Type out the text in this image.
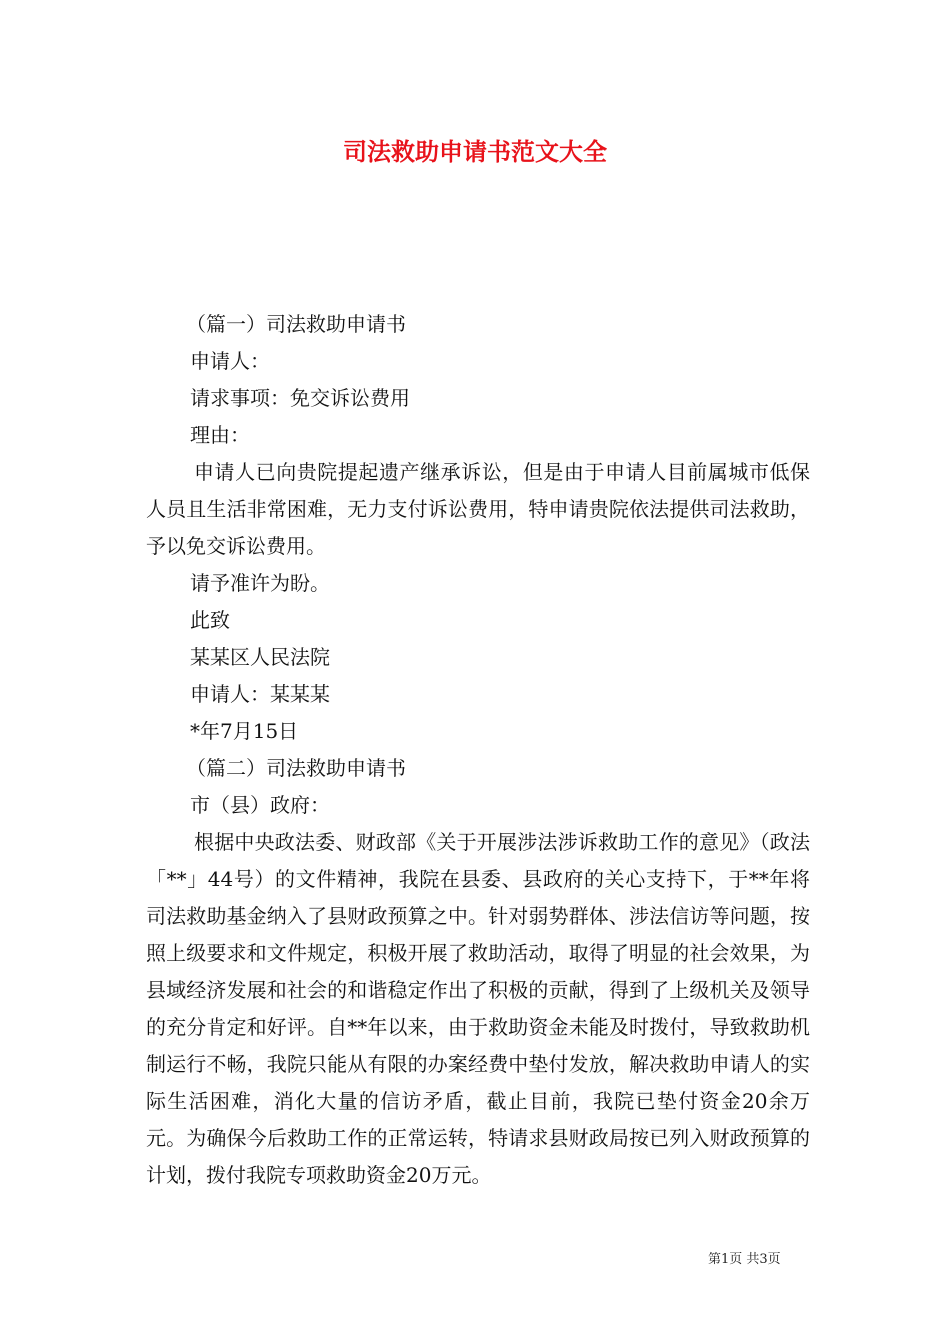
司法救助申请书范文大全
（篇一）司法救助申请书
申请人：
请求事项：免交诉讼费用
理由：
申请人已向贵院提起遗产继承诉讼，但是由于申请人目前属城市低保人员且生活非常困难，无力支付诉讼费用，特申请贵院依法提供司法救助，予以免交诉讼费用。
请予准许为盼。
此致
某某区人民法院
申请人：某某某
*年7月15日
（篇二）司法救助申请书
市（县）政府：
根据中央政法委、财政部《关于开展涉法涉诉救助工作的意见》（政法「**」44号）的文件精神，我院在县委、县政府的关心支持下，于**年将司法救助基金纳入了县财政预算之中。针对弱势群体、涉法信访等问题，按照上级要求和文件规定，积极开展了救助活动，取得了明显的社会效果，为县域经济发展和社会的和谐稳定作出了积极的贡献，得到了上级机关及领导的充分肯定和好评。自**年以来，由于救助资金未能及时拨付，导致救助机制运行不畅，我院只能从有限的办案经费中垫付发放，解决救助申请人的实际生活困难，消化大量的信访矛盾，截止目前，我院已垫付资金20余万元。为确保今后救助工作的正常运转，特请求县财政局按已列入财政预算的计划，拨付我院专项救助资金20万元。
第1页 共3页
